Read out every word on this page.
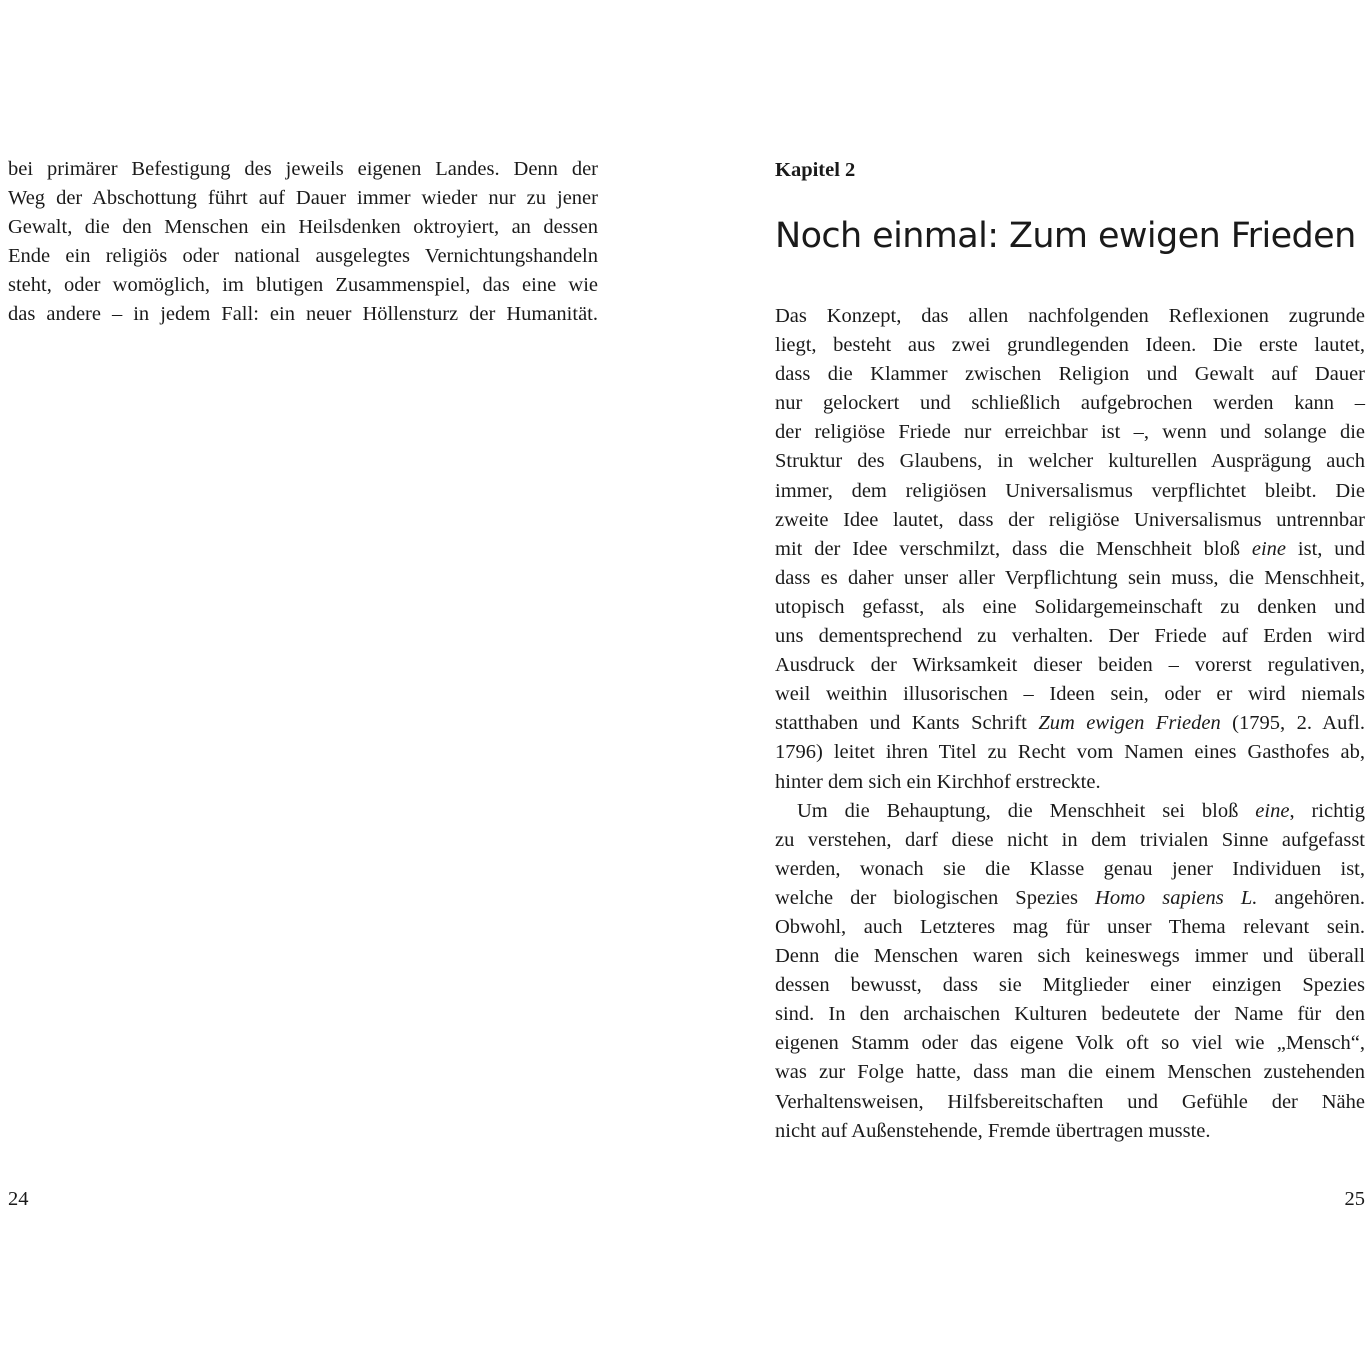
bei primärer Befestigung des jeweils eigenen Landes. Denn der
Weg der Abschottung führt auf Dauer immer wieder nur zu jener
Gewalt, die den Menschen ein Heilsdenken oktroyiert, an dessen
Ende ein religiös oder national ausgelegtes Vernichtungshandeln
steht, oder womöglich, im blutigen Zusammenspiel, das eine wie
das andere – in jedem Fall: ein neuer Höllensturz der Humanität.
24
Kapitel 2
Noch einmal: Zum ewigen Frieden
Das Konzept, das allen nachfolgenden Reflexionen zugrunde
liegt, besteht aus zwei grundlegenden Ideen. Die erste lautet,
dass die Klammer zwischen Religion und Gewalt auf Dauer
nur gelockert und schließlich aufgebrochen werden kann –
der religiöse Friede nur erreichbar ist –, wenn und solange die
Struktur des Glaubens, in welcher kulturellen Ausprägung auch
immer, dem religiösen Universalismus verpflichtet bleibt. Die
zweite Idee lautet, dass der religiöse Universalismus untrennbar
mit der Idee verschmilzt, dass die Menschheit bloß eine ist, und
dass es daher unser aller Verpflichtung sein muss, die Menschheit,
utopisch gefasst, als eine Solidargemeinschaft zu denken und
uns dementsprechend zu verhalten. Der Friede auf Erden wird
Ausdruck der Wirksamkeit dieser beiden – vorerst regulativen,
weil weithin illusorischen – Ideen sein, oder er wird niemals
statthaben und Kants Schrift Zum ewigen Frieden (1795, 2. Aufl.
1796) leitet ihren Titel zu Recht vom Namen eines Gasthofes ab,
hinter dem sich ein Kirchhof erstreckte.
Um die Behauptung, die Menschheit sei bloß eine, richtig
zu verstehen, darf diese nicht in dem trivialen Sinne aufgefasst
werden, wonach sie die Klasse genau jener Individuen ist,
welche der biologischen Spezies Homo sapiens L. angehören.
Obwohl, auch Letzteres mag für unser Thema relevant sein.
Denn die Menschen waren sich keineswegs immer und überall
dessen bewusst, dass sie Mitglieder einer einzigen Spezies
sind. In den archaischen Kulturen bedeutete der Name für den
eigenen Stamm oder das eigene Volk oft so viel wie „Mensch“,
was zur Folge hatte, dass man die einem Menschen zustehenden
Verhaltensweisen, Hilfsbereitschaften und Gefühle der Nähe
nicht auf Außenstehende, Fremde übertragen musste.
25
